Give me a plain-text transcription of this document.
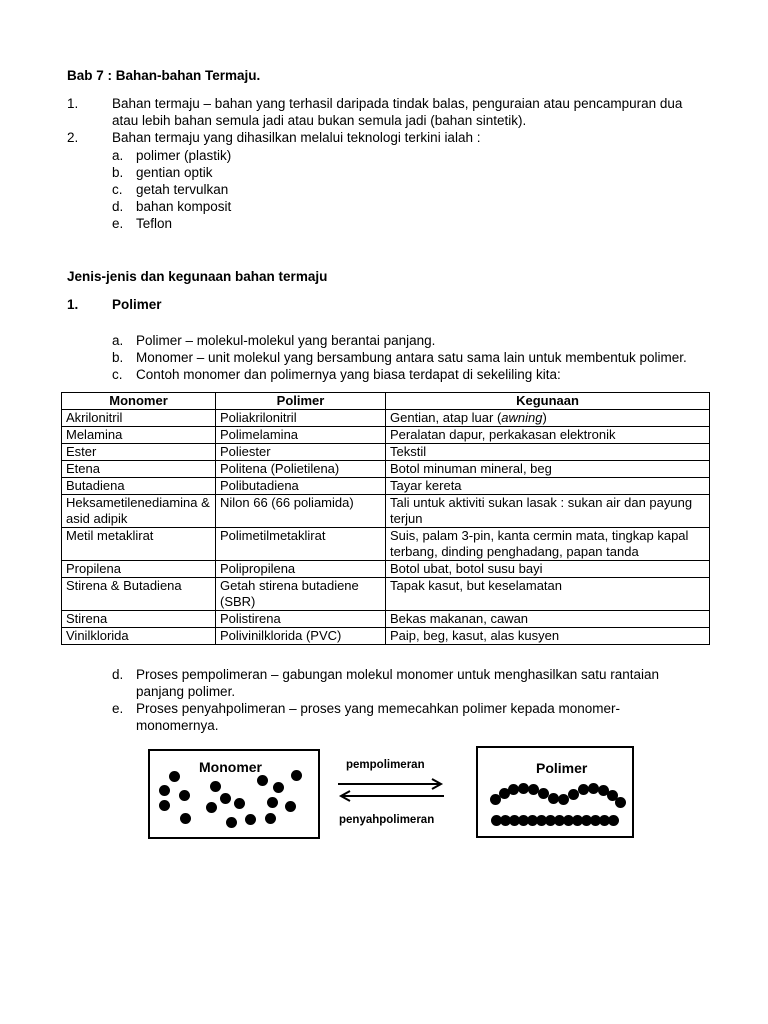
Bab 7 : Bahan-bahan Termaju.
1. Bahan termaju – bahan yang terhasil daripada tindak balas, penguraian atau pencampuran dua
atau lebih bahan semula jadi atau bukan semula jadi (bahan sintetik).
2. Bahan termaju yang dihasilkan melalui teknologi terkini ialah :
a. polimer (plastik)
b. gentian optik
c. getah tervulkan
d. bahan komposit
e. Teflon
Jenis-jenis dan kegunaan bahan termaju
1. Polimer
a. Polimer – molekul-molekul yang berantai panjang.
b. Monomer – unit molekul yang bersambung antara satu sama lain untuk membentuk polimer.
c. Contoh monomer dan polimernya yang biasa terdapat di sekeliling kita:
Monomer	Polimer	Kegunaan
Akrilonitril	Poliakrilonitril	Gentian, atap luar (awning)
Melamina	Polimelamina	Peralatan dapur, perkakasan elektronik
Ester	Poliester	Tekstil
Etena	Politena (Polietilena)	Botol minuman mineral, beg
Butadiena	Polibutadiena	Tayar kereta
Heksametilenediamina & asid adipik	Nilon 66 (66 poliamida)	Tali untuk aktiviti sukan lasak : sukan air dan payung terjun
Metil metaklirat	Polimetilmetaklirat	Suis, palam 3-pin, kanta cermin mata, tingkap kapal terbang, dinding penghadang, papan tanda
Propilena	Polipropilena	Botol ubat, botol susu bayi
Stirena & Butadiena	Getah stirena butadiene (SBR)	Tapak kasut, but keselamatan
Stirena	Polistirena	Bekas makanan, cawan
Vinilklorida	Polivinilklorida (PVC)	Paip, beg, kasut, alas kusyen
d. Proses pempolimeran – gabungan molekul monomer untuk menghasilkan satu rantaian
panjang polimer.
e. Proses penyahpolimeran – proses yang memecahkan polimer kepada monomer-
monomernya.
Monomer	pempolimeran
penyahpolimeran
Polimer
